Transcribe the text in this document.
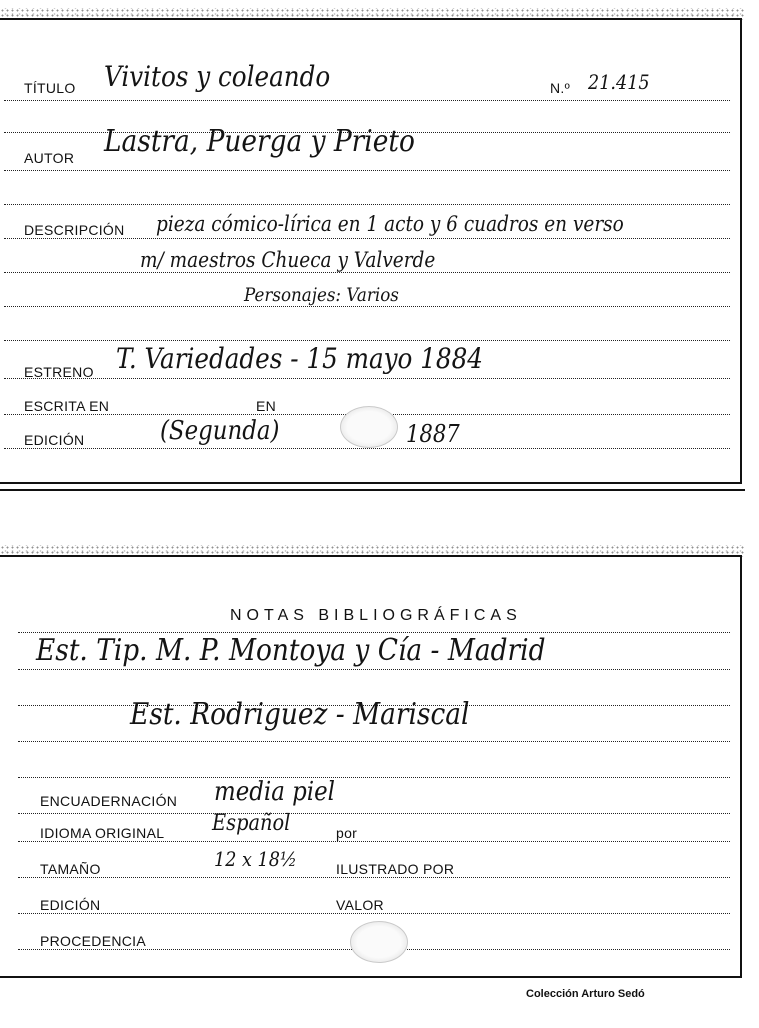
TÍTULO Vivitos y coleando	N.º 21.415
AUTOR Lastra, Puerga y Prieto
DESCRIPCIÓN pieza cómico-lírica en 1 acto y 6 cuadros en verso
m/ maestros Chueca y Valverde
Personajes: Varios
ESTRENO T. Variedades - 15 mayo 1884
ESCRITA EN	EN
EDICIÓN	(Segunda)	1887
NOTAS BIBLIOGRÁFICAS
Est. Tip. M. P. Montoya y Cía - Madrid
Est. Rodriguez - Mariscal
ENCUADERNACIÓN media piel
IDIOMA ORIGINAL Español	por
TAMAÑO	12 x 18½	ILUSTRADO POR
EDICIÓN	VALOR
PROCEDENCIA
Colección Arturo Sedó
